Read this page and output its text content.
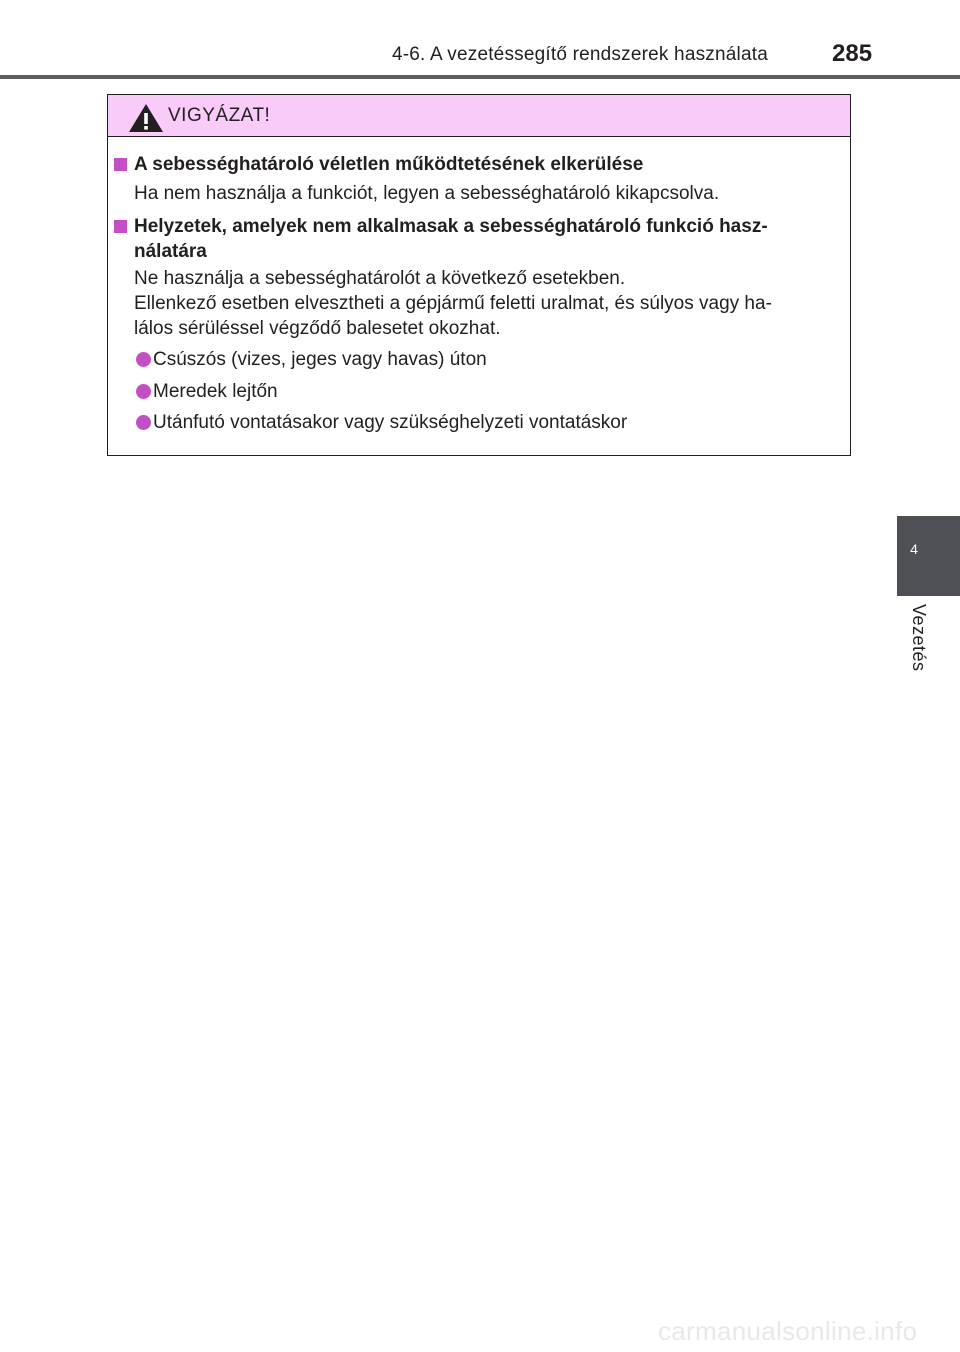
4-6. A vezetéssegítő rendszerek használata	285
VIGYÁZAT!
A sebességhatároló véletlen működtetésének elkerülése
Ha nem használja a funkciót, legyen a sebességhatároló kikapcsolva.
Helyzetek, amelyek nem alkalmasak a sebességhatároló funkció hasz-
nálatára
Ne használja a sebességhatárolót a következő esetekben.
Ellenkező esetben elvesztheti a gépjármű feletti uralmat, és súlyos vagy ha-
lálos sérüléssel végződő balesetet okozhat.
Csúszós (vizes, jeges vagy havas) úton
Meredek lejtőn
Utánfutó vontatásakor vagy szükséghelyzeti vontatáskor
4
Vezetés
carmanualsonline.info
